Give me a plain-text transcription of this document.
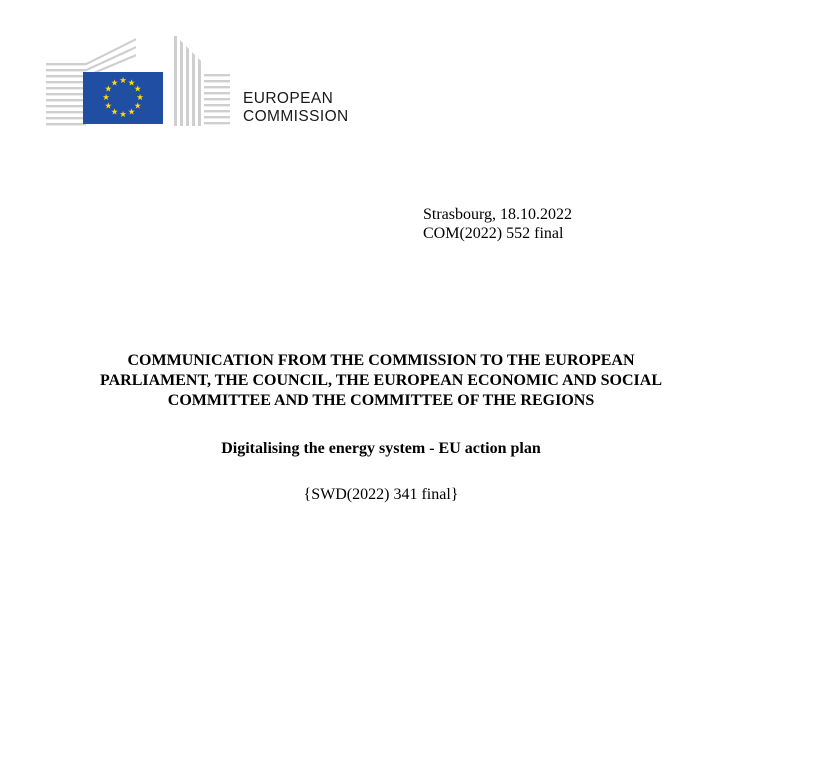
★ ★
★
★
★
★
★
★
★
★
★
★
EUROPEAN
COMMISSION
Strasbourg, 18.10.2022
COM(2022) 552 final
COMMUNICATION FROM THE COMMISSION TO THE EUROPEAN
PARLIAMENT, THE COUNCIL, THE EUROPEAN ECONOMIC AND SOCIAL
COMMITTEE AND THE COMMITTEE OF THE REGIONS
Digitalising the energy system - EU action plan
{SWD(2022) 341 final}
